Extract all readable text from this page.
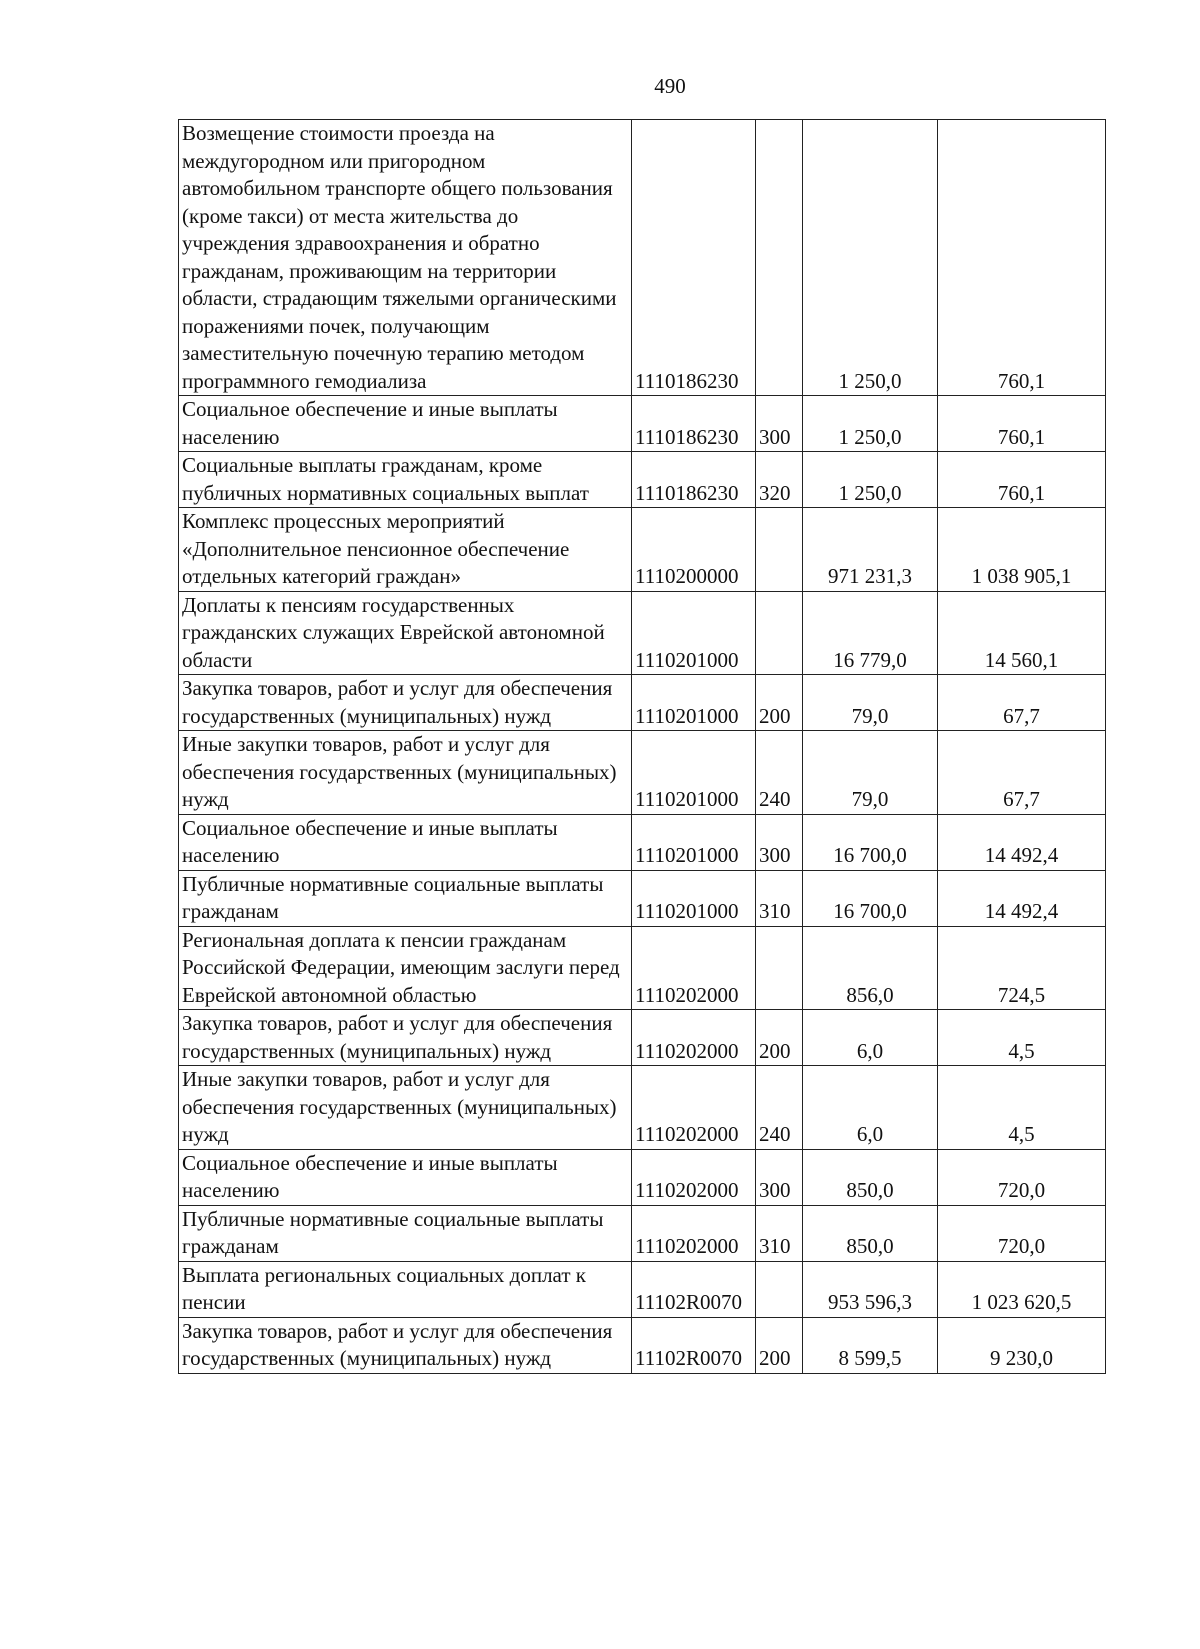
490
Возмещение стоимости проезда на междугородном или пригородном автомобильном транспорте общего пользования (кроме такси) от места жительства до учреждения здравоохранения и обратно гражданам, проживающим на территории области, страдающим тяжелыми органическими поражениями почек, получающим заместительную почечную терапию методом программного гемодиализа	1110186230		1 250,0	760,1
Социальное обеспечение и иные выплаты населению	1110186230	300	1 250,0	760,1
Социальные выплаты гражданам, кроме публичных нормативных социальных выплат	1110186230	320	1 250,0	760,1
Комплекс процессных мероприятий «Дополнительное пенсионное обеспечение отдельных категорий граждан»	1110200000		971 231,3	1 038 905,1
Доплаты к пенсиям государственных гражданских служащих Еврейской автономной области	1110201000		16 779,0	14 560,1
Закупка товаров, работ и услуг для обеспечения государственных (муниципальных) нужд	1110201000	200	79,0	67,7
Иные закупки товаров, работ и услуг для обеспечения государственных (муниципальных) нужд	1110201000	240	79,0	67,7
Социальное обеспечение и иные выплаты населению	1110201000	300	16 700,0	14 492,4
Публичные нормативные социальные выплаты гражданам	1110201000	310	16 700,0	14 492,4
Региональная доплата к пенсии гражданам Российской Федерации, имеющим заслуги перед Еврейской автономной областью	1110202000		856,0	724,5
Закупка товаров, работ и услуг для обеспечения государственных (муниципальных) нужд	1110202000	200	6,0	4,5
Иные закупки товаров, работ и услуг для обеспечения государственных (муниципальных) нужд	1110202000	240	6,0	4,5
Социальное обеспечение и иные выплаты населению	1110202000	300	850,0	720,0
Публичные нормативные социальные выплаты гражданам	1110202000	310	850,0	720,0
Выплата региональных социальных доплат к пенсии	11102R0070		953 596,3	1 023 620,5
Закупка товаров, работ и услуг для обеспечения государственных (муниципальных) нужд	11102R0070	200	8 599,5	9 230,0
